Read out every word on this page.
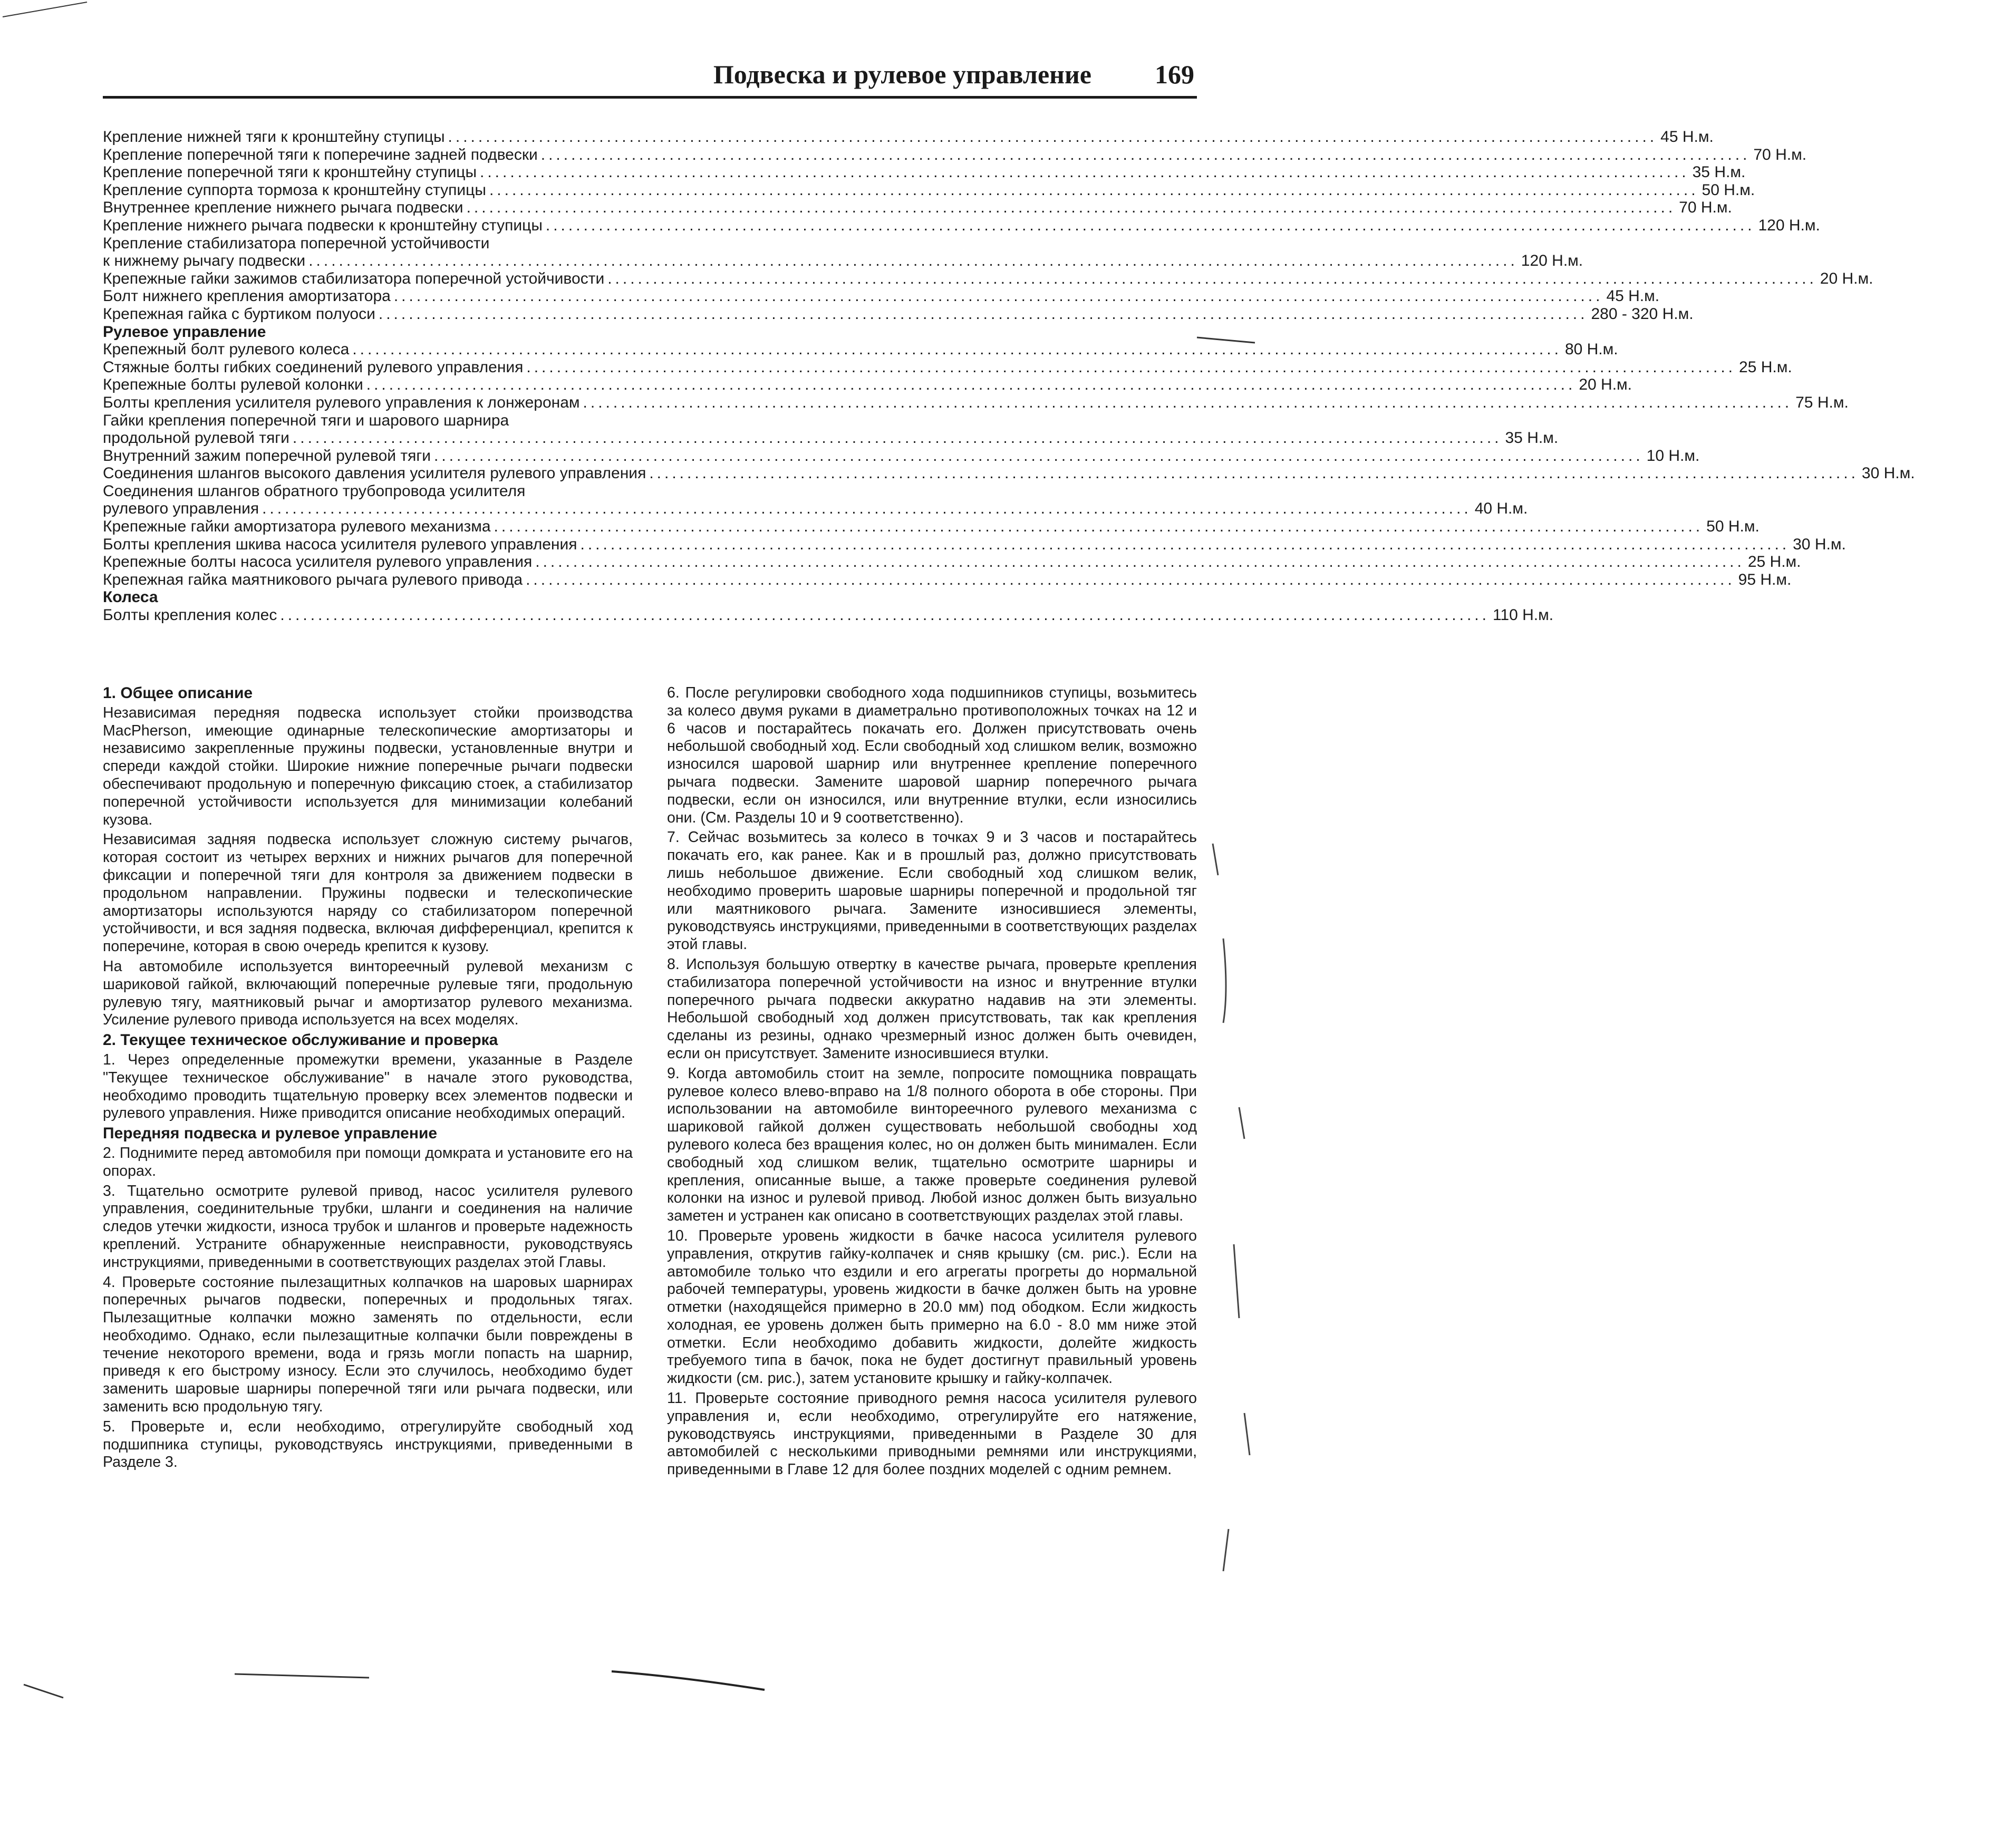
Подвеска и рулевое управление 169
Крепление нижней тяги к кронштейну ступицы ................................................................................................................................................................ 45 Н.м.
Крепление поперечной тяги к поперечине задней подвески ................................................................................................................................................................ 70 Н.м.
Крепление поперечной тяги к кронштейну ступицы ................................................................................................................................................................ 35 Н.м.
Крепление суппорта тормоза к кронштейну ступицы ................................................................................................................................................................ 50 Н.м.
Внутреннее крепление нижнего рычага подвески ................................................................................................................................................................ 70 Н.м.
Крепление нижнего рычага подвески к кронштейну ступицы ................................................................................................................................................................ 120 Н.м.
Крепление стабилизатора поперечной устойчивости
к нижнему рычагу подвески ................................................................................................................................................................ 120 Н.м.
Крепежные гайки зажимов стабилизатора поперечной устойчивости ................................................................................................................................................................ 20 Н.м.
Болт нижнего крепления амортизатора ................................................................................................................................................................ 45 Н.м.
Крепежная гайка с буртиком полуоси ................................................................................................................................................................ 280 - 320 Н.м.
Рулевое управление
Крепежный болт рулевого колеса ................................................................................................................................................................ 80 Н.м.
Стяжные болты гибких соединений рулевого управления ................................................................................................................................................................ 25 Н.м.
Крепежные болты рулевой колонки ................................................................................................................................................................ 20 Н.м.
Болты крепления усилителя рулевого управления к лонжеронам ................................................................................................................................................................ 75 Н.м.
Гайки крепления поперечной тяги и шарового шарнира
продольной рулевой тяги ................................................................................................................................................................ 35 Н.м.
Внутренний зажим поперечной рулевой тяги ................................................................................................................................................................ 10 Н.м.
Соединения шлангов высокого давления усилителя рулевого управления ................................................................................................................................................................ 30 Н.м.
Соединения шлангов обратного трубопровода усилителя
рулевого управления ................................................................................................................................................................ 40 Н.м.
Крепежные гайки амортизатора рулевого механизма ................................................................................................................................................................ 50 Н.м.
Болты крепления шкива насоса усилителя рулевого управления ................................................................................................................................................................ 30 Н.м.
Крепежные болты насоса усилителя рулевого управления ................................................................................................................................................................ 25 Н.м.
Крепежная гайка маятникового рычага рулевого привода ................................................................................................................................................................ 95 Н.м.
Колеса
Болты крепления колес ................................................................................................................................................................ 110 Н.м.
1. Общее описание

Независимая передняя подвеска использует стойки производства MacPherson, имеющие одинарные телескопические амортизаторы и независимо закрепленные пружины подвески, установленные внутри и спереди каждой стойки. Широкие нижние поперечные рычаги подвески обеспечивают продольную и поперечную фиксацию стоек, а стабилизатор поперечной устойчивости используется для минимизации колебаний кузова.

Независимая задняя подвеска использует сложную систему рычагов, которая состоит из четырех верхних и нижних рычагов для поперечной фиксации и поперечной тяги для контроля за движением подвески в продольном направлении. Пружины подвески и телескопические амортизаторы используются наряду со стабилизатором поперечной устойчивости, и вся задняя подвеска, включая дифференциал, крепится к поперечине, которая в свою очередь крепится к кузову.

На автомобиле используется винтореечный рулевой механизм с шариковой гайкой, включающий поперечные рулевые тяги, продольную рулевую тягу, маятниковый рычаг и амортизатор рулевого механизма. Усиление рулевого привода используется на всех моделях.

2. Текущее техническое обслуживание и проверка

1. Через определенные промежутки времени, указанные в Разделе "Текущее техническое обслуживание" в начале этого руководства, необходимо проводить тщательную проверку всех элементов подвески и рулевого управления. Ниже приводится описание необходимых операций.

Передняя подвеска и рулевое управление

2. Поднимите перед автомобиля при помощи домкрата и установите его на опорах.

3. Тщательно осмотрите рулевой привод, насос усилителя рулевого управления, соединительные трубки, шланги и соединения на наличие следов утечки жидкости, износа трубок и шлангов и проверьте надежность креплений. Устраните обнаруженные неисправности, руководствуясь инструкциями, приведенными в соответствующих разделах этой Главы.

4. Проверьте состояние пылезащитных колпачков на шаровых шарнирах поперечных рычагов подвески, поперечных и продольных тягах. Пылезащитные колпачки можно заменять по отдельности, если необходимо. Однако, если пылезащитные колпачки были повреждены в течение некоторого времени, вода и грязь могли попасть на шарнир, приведя к его быстрому износу. Если это случилось, необходимо будет заменить шаровые шарниры поперечной тяги или рычага подвески, или заменить всю продольную тягу.

5. Проверьте и, если необходимо, отрегулируйте свободный ход подшипника ступицы, руководствуясь инструкциями, приведенными в Разделе 3.

6. После регулировки свободного хода подшипников ступицы, возьмитесь за колесо двумя руками в диаметрально противоположных точках на 12 и 6 часов и постарайтесь покачать его. Должен присутствовать очень небольшой свободный ход. Если свободный ход слишком велик, возможно износился шаровой шарнир или внутреннее крепление поперечного рычага подвески. Замените шаровой шарнир поперечного рычага подвески, если он износился, или внутренние втулки, если износились они. (См. Разделы 10 и 9 соответственно).

7. Сейчас возьмитесь за колесо в точках 9 и 3 часов и постарайтесь покачать его, как ранее. Как и в прошлый раз, должно присутствовать лишь небольшое движение. Если свободный ход слишком велик, необходимо проверить шаровые шарниры поперечной и продольной тяг или маятникового рычага. Замените износившиеся элементы, руководствуясь инструкциями, приведенными в соответствующих разделах этой главы.

8. Используя большую отвертку в качестве рычага, проверьте крепления стабилизатора поперечной устойчивости на износ и внутренние втулки поперечного рычага подвески аккуратно надавив на эти элементы. Небольшой свободный ход должен присутствовать, так как крепления сделаны из резины, однако чрезмерный износ должен быть очевиден, если он присутствует. Замените износившиеся втулки.

9. Когда автомобиль стоит на земле, попросите помощника повращать рулевое колесо влево-вправо на 1/8 полного оборота в обе стороны. При использовании на автомобиле винтореечного рулевого механизма с шариковой гайкой должен существовать небольшой свободны ход рулевого колеса без вращения колес, но он должен быть минимален. Если свободный ход слишком велик, тщательно осмотрите шарниры и крепления, описанные выше, а также проверьте соединения рулевой колонки на износ и рулевой привод. Любой износ должен быть визуально заметен и устранен как описано в соответствующих разделах этой главы.

10. Проверьте уровень жидкости в бачке насоса усилителя рулевого управления, открутив гайку-колпачек и сняв крышку (см. рис.). Если на автомобиле только что ездили и его агрегаты прогреты до нормальной рабочей температуры, уровень жидкости в бачке должен быть на уровне отметки (находящейся примерно в 20.0 мм) под ободком. Если жидкость холодная, ее уровень должен быть примерно на 6.0 - 8.0 мм ниже этой отметки. Если необходимо добавить жидкости, долейте жидкость требуемого типа в бачок, пока не будет достигнут правильный уровень жидкости (см. рис.), затем установите крышку и гайку-колпачек.

11. Проверьте состояние приводного ремня насоса усилителя рулевого управления и, если необходимо, отрегулируйте его натяжение, руководствуясь инструкциями, приведенными в Разделе 30 для автомобилей с несколькими приводными ремнями или инструкциями, приведенными в Главе 12 для более поздних моделей с одним ремнем.
